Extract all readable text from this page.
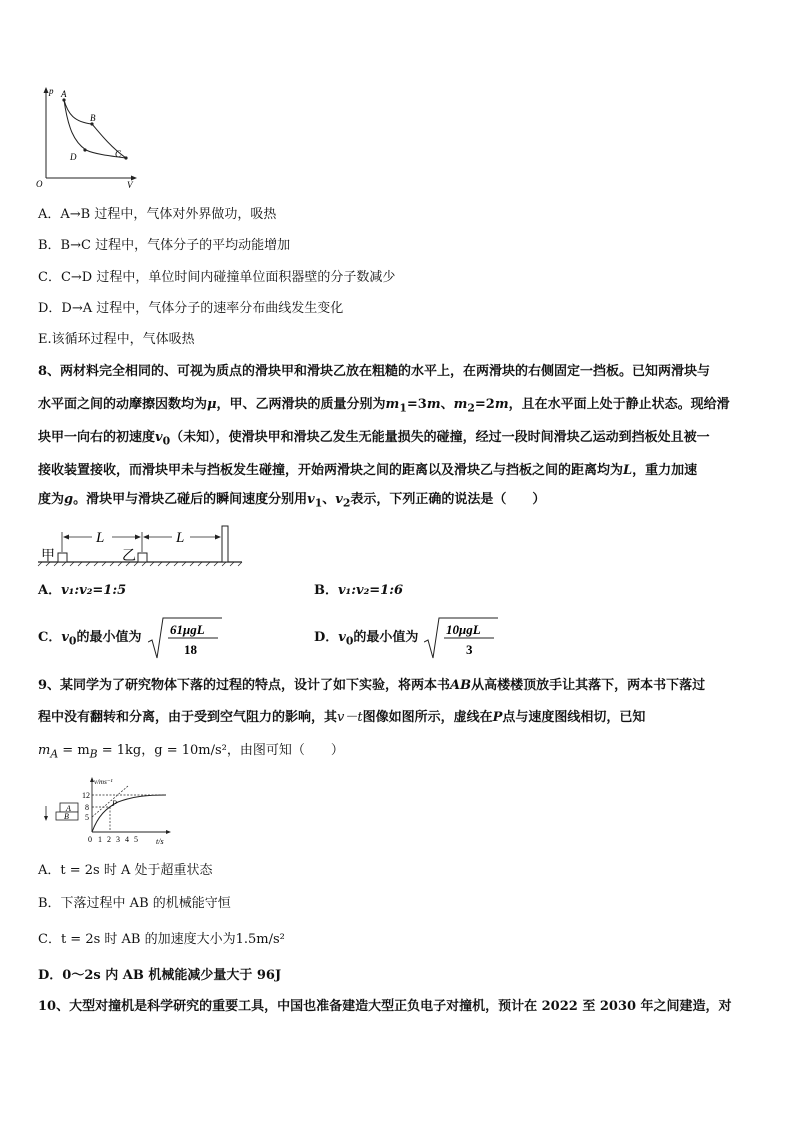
p
V
O
A
B
C
D
A．A→B 过程中，气体对外界做功，吸热
B．B→C 过程中，气体分子的平均动能增加
C．C→D 过程中，单位时间内碰撞单位面积器壁的分子数减少
D．D→A 过程中，气体分子的速率分布曲线发生变化
E.该循环过程中，气体吸热
8、两材料完全相同的、可视为质点的滑块甲和滑块乙放在粗糙的水平上，在两滑块的右侧固定一挡板。已知两滑块与
水平面之间的动摩擦因数均为μ，甲、乙两滑块的质量分别为$m_1=3m$、$m_2=2m$，且在水平面上处于静止状态。现给滑
块甲一向右的初速度$v_0$（未知），使滑块甲和滑块乙发生无能量损失的碰撞，经过一段时间滑块乙运动到挡板处且被一
接收装置接收，而滑块甲未与挡板发生碰撞，开始两滑块之间的距离以及滑块乙与挡板之间的距离均为L，重力加速
度为g。滑块甲与滑块乙碰后的瞬间速度分别用$v_1$、$v_2$表示，下列正确的说法是（　　）
甲	乙
L	L
A．v₁:v₂=1:5	B．v₁:v₂=1:6
C．$v_0$的最小值为
61μgL
18
D．$v_0$的最小值为
10μgL
3
9、某同学为了研究物体下落的过程的特点，设计了如下实验，将两本书AB从高楼楼顶放手让其落下，两本书下落过
程中没有翻转和分离，由于受到空气阻力的影响，其v－t图像如图所示，虚线在P点与速度图线相切，已知
$m_A = m_B = 1kg$，g = 10m/s²，由图可知（　　）
v/ms⁻¹
t/s
12
8
5
0 1 2 3 4 5
P
A
B
A．t = 2s 时 A 处于超重状态
B．下落过程中 AB 的机械能守恒
C．t = 2s 时 AB 的加速度大小为1.5m/s²
D．0～2s 内 AB 机械能减少量大于 96J
10、大型对撞机是科学研究的重要工具，中国也准备建造大型正负电子对撞机，预计在 2022 至 2030 年之间建造，对
